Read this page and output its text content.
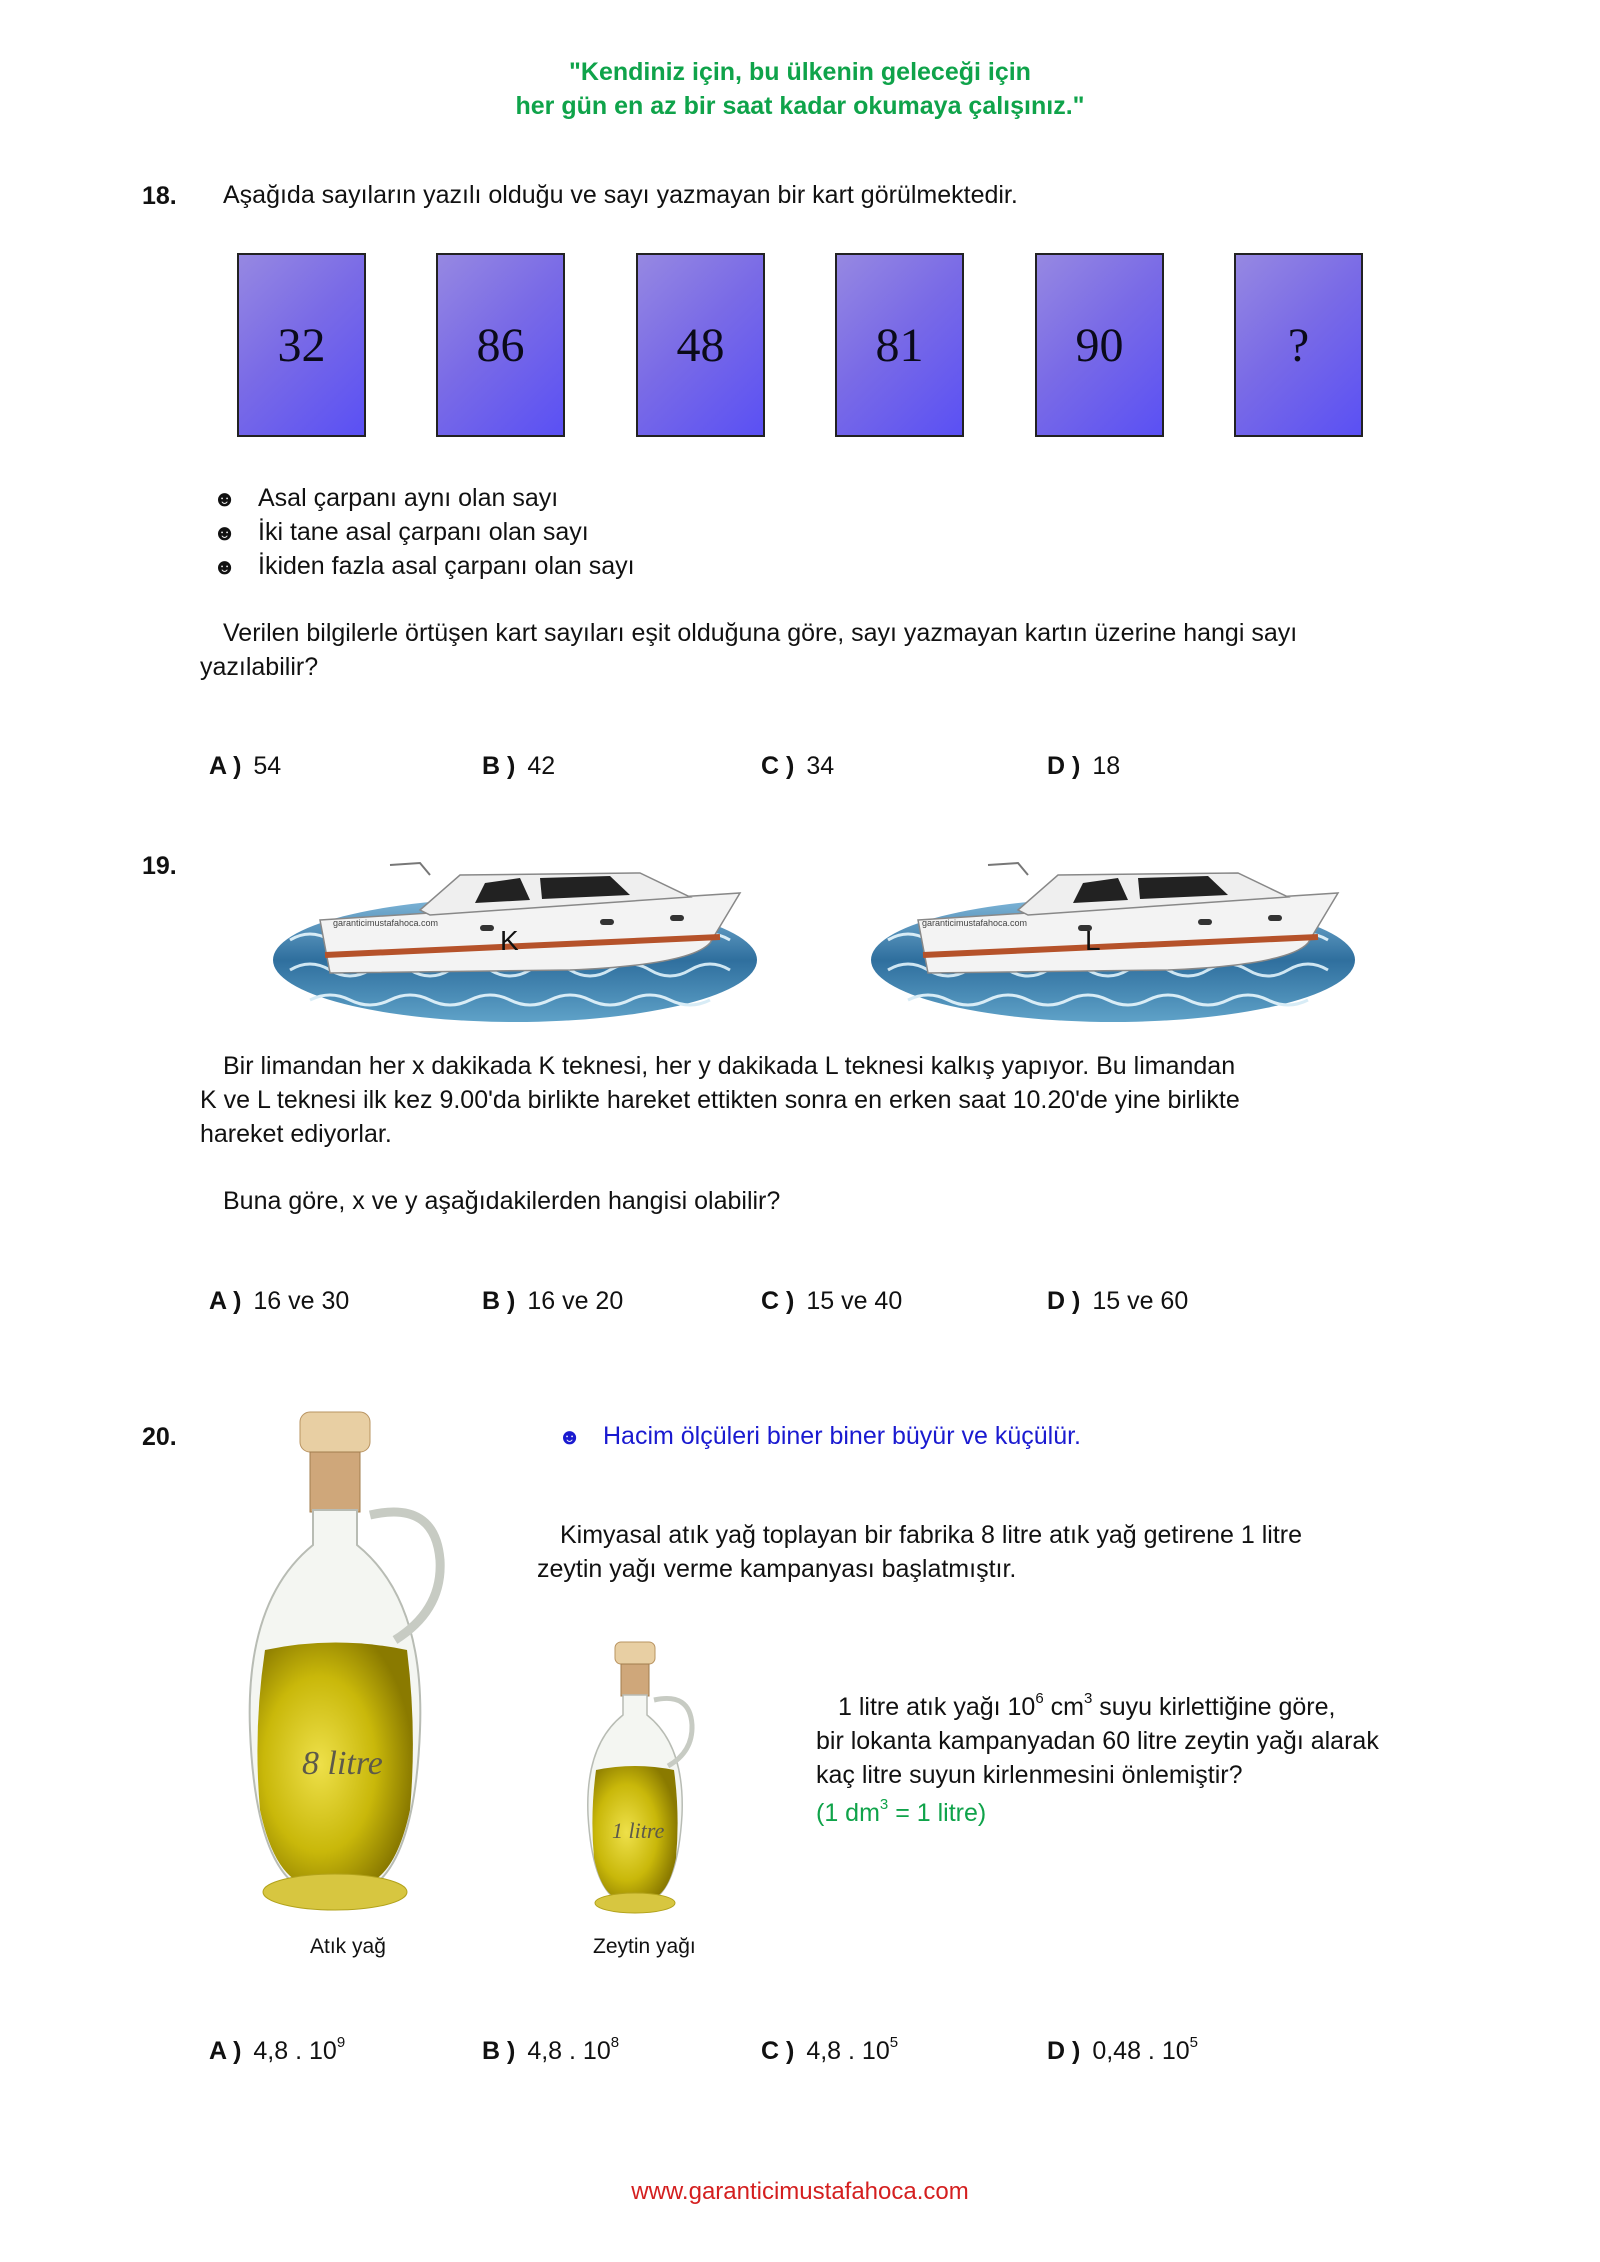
"Kendiniz için, bu ülkenin geleceği için
her gün en az bir saat kadar okumaya çalışınız."
18. Aşağıda sayıların yazılı olduğu ve sayı yazmayan bir kart görülmektedir.
32	86	48	81	90	?
☻ Asal çarpanı aynı olan sayı
☻ İki tane asal çarpanı olan sayı
☻ İkiden fazla asal çarpanı olan sayı
Verilen bilgilerle örtüşen kart sayıları eşit olduğuna göre, sayı yazmayan kartın üzerine hangi sayı
yazılabilir?
A ) 54	B ) 42	C ) 34	D ) 18
19.
garanticimustafahoca.com
K
garanticimustafahoca.com
L
Bir limandan her x dakikada K teknesi, her y dakikada L teknesi kalkış yapıyor. Bu limandan
K ve L teknesi ilk kez 9.00'da birlikte hareket ettikten sonra en erken saat 10.20'de yine birlikte
hareket ediyorlar.
Buna göre, x ve y aşağıdakilerden hangisi olabilir?
A ) 16 ve 30	B ) 16 ve 20	C ) 15 ve 40	D ) 15 ve 60
20.	☻ Hacim ölçüleri biner biner büyür ve küçülür.
Kimyasal atık yağ toplayan bir fabrika 8 litre atık yağ getirene 1 litre
zeytin yağı verme kampanyası başlatmıştır.
8 litre
Atık yağ
1 litre
Zeytin yağı
1 litre atık yağı $10^6$ $cm^3$ suyu kirlettiğine göre,
bir lokanta kampanyadan 60 litre zeytin yağı alarak
kaç litre suyun kirlenmesini önlemiştir?
(1 $dm^3 = 1$ litre)
A ) 4,8 . $10^9$	B ) 4,8 . $10^8$	C ) 4,8 . $10^5$	D ) 0,48 . $10^5$
www.garanticimustafahoca.com
